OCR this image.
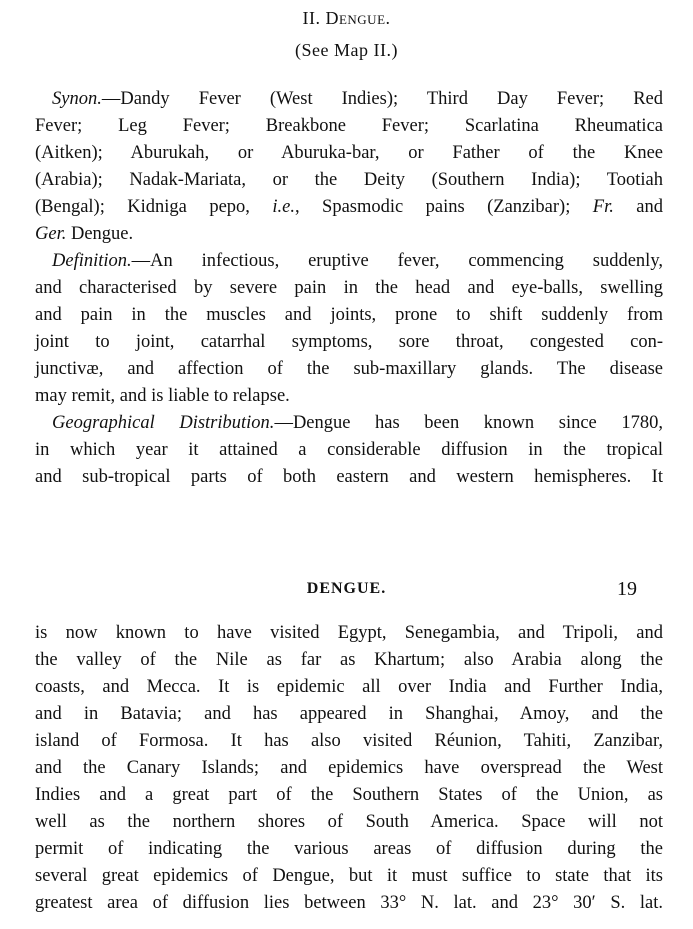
II. Dengue.
(See Map II.)
Synon.—Dandy Fever (West Indies); Third Day Fever; Red
Fever; Leg Fever; Breakbone Fever; Scarlatina Rheumatica
(Aitken); Aburukah, or Aburuka-bar, or Father of the Knee
(Arabia); Nadak-Mariata, or the Deity (Southern India); Tootiah
(Bengal); Kidniga pepo, i.e., Spasmodic pains (Zanzibar); Fr. and
Ger. Dengue.
Definition.—An infectious, eruptive fever, commencing suddenly,
and characterised by severe pain in the head and eye-balls, swelling
and pain in the muscles and joints, prone to shift suddenly from
joint to joint, catarrhal symptoms, sore throat, congested con-
junctivæ, and affection of the sub-maxillary glands. The disease
may remit, and is liable to relapse.
Geographical Distribution.—Dengue has been known since 1780,
in which year it attained a considerable diffusion in the tropical
and sub-tropical parts of both eastern and western hemispheres. It
DENGUE.	19
is now known to have visited Egypt, Senegambia, and Tripoli, and
the valley of the Nile as far as Khartum; also Arabia along the
coasts, and Mecca. It is epidemic all over India and Further India,
and in Batavia; and has appeared in Shanghai, Amoy, and the
island of Formosa. It has also visited Réunion, Tahiti, Zanzibar,
and the Canary Islands; and epidemics have overspread the West
Indies and a great part of the Southern States of the Union, as
well as the northern shores of South America. Space will not
permit of indicating the various areas of diffusion during the
several great epidemics of Dengue, but it must suffice to state that its
greatest area of diffusion lies between 33° N. lat. and 23° 30′ S. lat.
